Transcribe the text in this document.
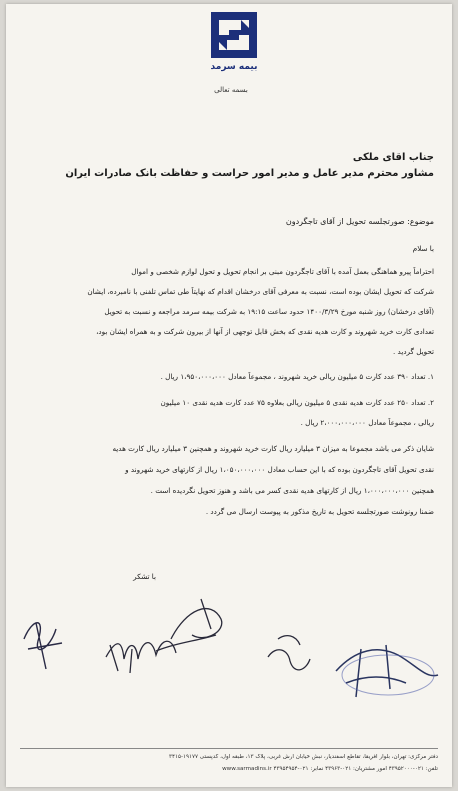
بیمه سرمد
بسمه تعالی
جناب آقای ملکی
مشاور محترم مدیر عامل و مدیر امور حراست و حفاظت بانک صادرات ایران
موضوع: صورتجلسه تحویل از آقای تاجگردون
با سلام
احتراماً پیرو هماهنگی بعمل آمده با آقای تاجگردون مبنی بر انجام تحویل و تحول لوازم شخصی و اموال
شرکت که تحویل ایشان بوده است، نسبت به معرفی آقای درخشان اقدام که نهایتاً طی تماس تلفنی با نامبرده، ایشان
(آقای درخشان) روز شنبه مورخ ۱۴۰۰/۳/۲۹ حدود ساعت ۱۹:۱۵ به شرکت بیمه سرمد مراجعه و نسبت به تحویل
تعدادی کارت خرید شهروند و کارت هدیه نقدی که بخش قابل توجهی از آنها از بیرون شرکت و به همراه ایشان بود،
تحویل گردید .
۱. تعداد ۳۹۰ عدد کارت ۵ میلیون ریالی خرید شهروند ، مجموعاً معادل ۱،۹۵۰،۰۰۰،۰۰۰ ریال .
۲. تعداد ۲۵۰ عدد کارت هدیه نقدی ۵ میلیون ریالی بعلاوه ۷۵ عدد کارت هدیه نقدی ۱۰ میلیون
ریالی ، مجموعاً معادل ۲،۰۰۰،۰۰۰،۰۰۰ ریال .
شایان ذکر می باشد مجموعا به میزان ۳ میلیارد ریال کارت خرید شهروند و همچنین ۳ میلیارد ریال کارت هدیه
نقدی تحویل آقای تاجگردون بوده که با این حساب معادل ۱،۰۵۰،۰۰۰،۰۰۰ ریال از کارتهای خرید شهروند و
همچنین ۱،۰۰۰،۰۰۰،۰۰۰ ریال از کارتهای هدیه نقدی کسر می باشد و هنوز تحویل نگردیده است .
ضمنا رونوشت صورتجلسه تحویل به تاریخ مذکور به پیوست ارسال می گردد .
با تشکر
دفتر مرکزی: تهران، بلوار آفریقا، تقاطع اسفندیار، نبش خیابان آرش غربی، پلاک ۱۳، طبقه اول، کدپستی ۱۹۱۷۷-۳۴۱۵
تلفن: ۰۲۱-۴۳۹۵۲۰۰۰ امور مشتریان: ۰۲۱-۴۳۹۶۳ نمابر: ۰۲۱-۴۳۹۵۴۹۵۴ www.sarmadins.ir
